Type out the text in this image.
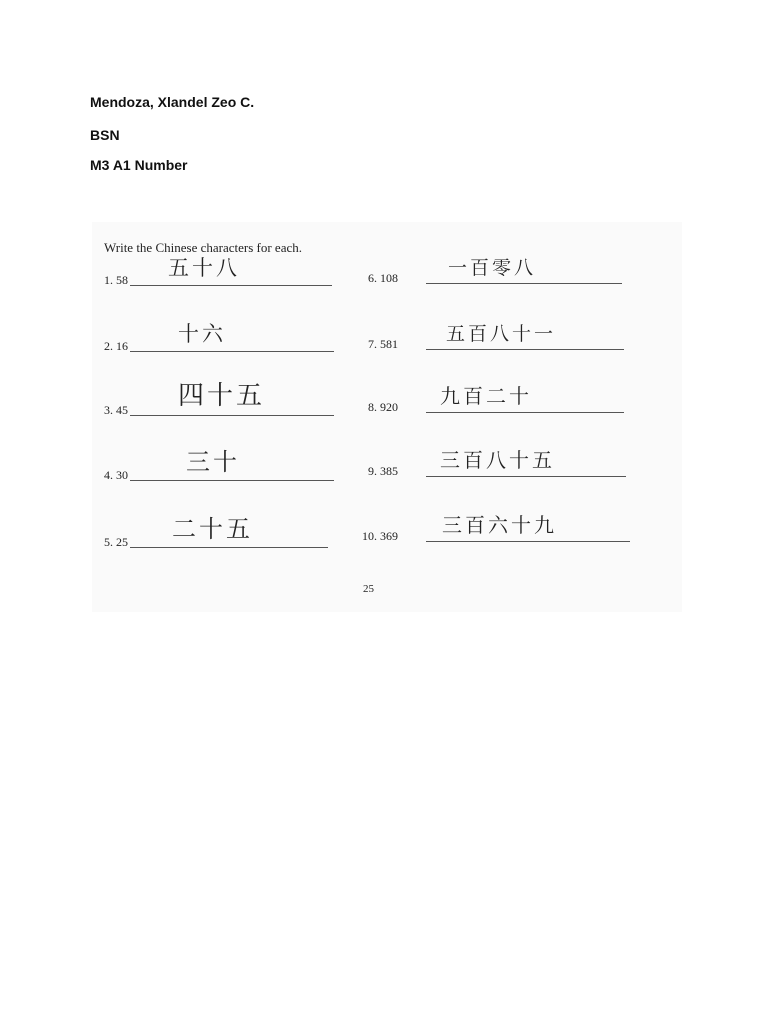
Mendoza, Xlandel Zeo C.
BSN
M3 A1 Number
Write the Chinese characters for each.
1. 58 五十八
2. 16 十六
3. 45 四十五
4. 30 三十
5. 25 二十五
6. 108	一百零八
7. 581	五百八十一
8. 920 九百二十
9. 385 三百八十五
10. 369 三百六十九
25
